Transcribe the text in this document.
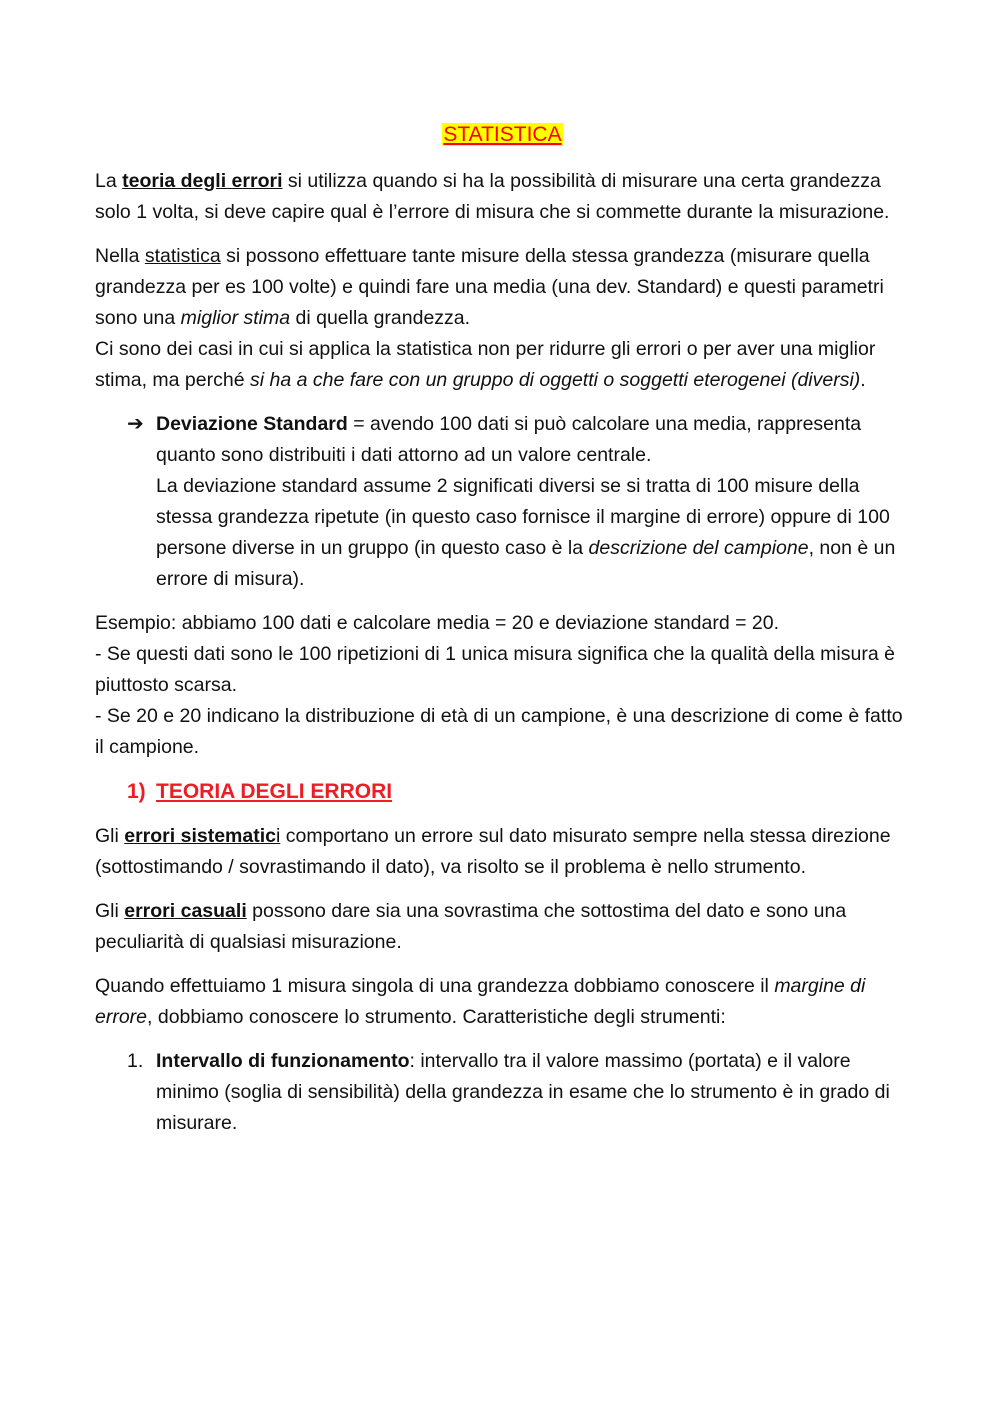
STATISTICA

La teoria degli errori si utilizza quando si ha la possibilità di misurare una certa grandezza solo 1 volta, si deve capire qual è l’errore di misura che si commette durante la misurazione.

Nella statistica si possono effettuare tante misure della stessa grandezza (misurare quella grandezza per es 100 volte) e quindi fare una media (una dev. Standard) e questi parametri sono una miglior stima di quella grandezza.

Ci sono dei casi in cui si applica la statistica non per ridurre gli errori o per aver una miglior stima, ma perché si ha a che fare con un gruppo di oggetti o soggetti eterogenei (diversi).

➔ Deviazione Standard = avendo 100 dati si può calcolare una media, rappresenta quanto sono distribuiti i dati attorno ad un valore centrale.
La deviazione standard assume 2 significati diversi se si tratta di 100 misure della stessa grandezza ripetute (in questo caso fornisce il margine di errore) oppure di 100 persone diverse in un gruppo (in questo caso è la descrizione del campione, non è un errore di misura).

Esempio: abbiamo 100 dati e calcolare media = 20 e deviazione standard = 20.
- Se questi dati sono le 100 ripetizioni di 1 unica misura significa che la qualità della misura è piuttosto scarsa.
- Se 20 e 20 indicano la distribuzione di età di un campione, è una descrizione di come è fatto il campione.

1) TEORIA DEGLI ERRORI

Gli errori sistematici comportano un errore sul dato misurato sempre nella stessa direzione (sottostimando / sovrastimando il dato), va risolto se il problema è nello strumento.

Gli errori casuali possono dare sia una sovrastima che sottostima del dato e sono una peculiarità di qualsiasi misurazione.

Quando effettuiamo 1 misura singola di una grandezza dobbiamo conoscere il margine di errore, dobbiamo conoscere lo strumento. Caratteristiche degli strumenti:

1. Intervallo di funzionamento: intervallo tra il valore massimo (portata) e il valore minimo (soglia di sensibilità) della grandezza in esame che lo strumento è in grado di misurare.
